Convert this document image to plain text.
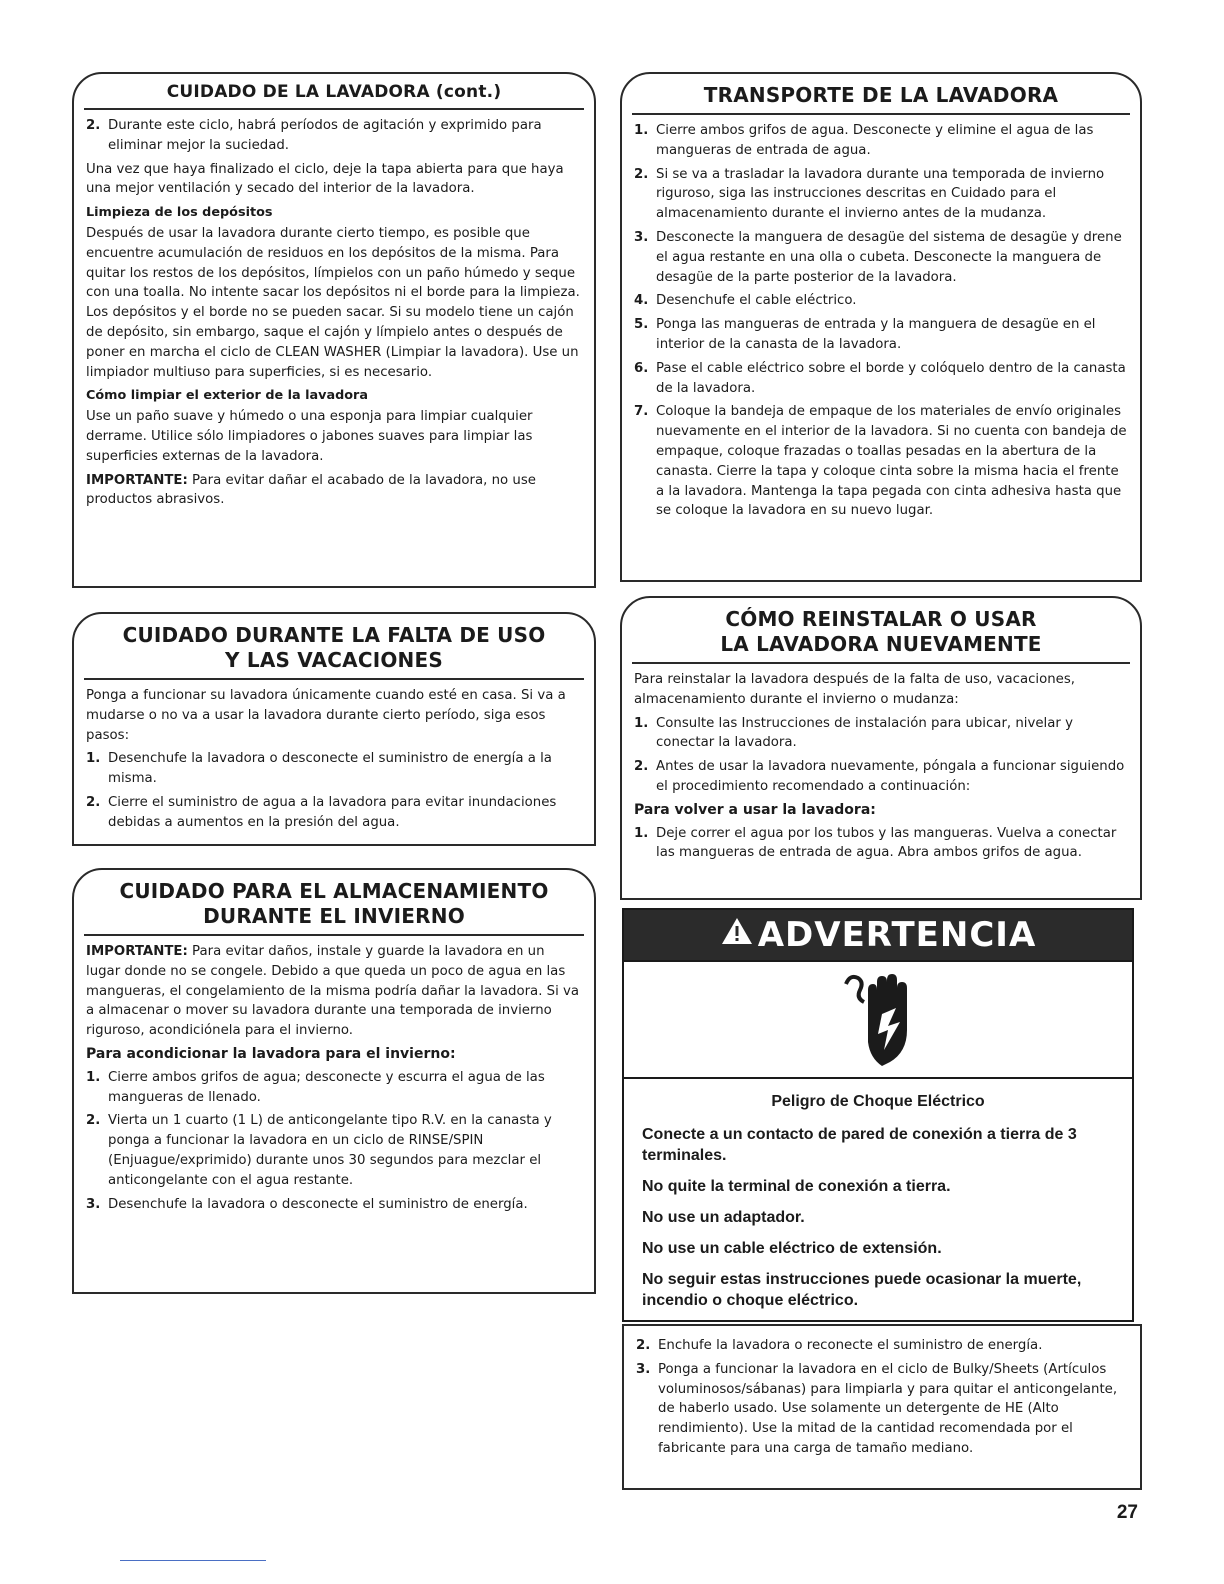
CUIDADO DE LA LAVADORA (cont.)
2. Durante este ciclo, habrá períodos de agitación y exprimido para eliminar mejor la suciedad.

Una vez que haya finalizado el ciclo, deje la tapa abierta para que haya una mejor ventilación y secado del interior de la lavadora.

Limpieza de los depósitos

Después de usar la lavadora durante cierto tiempo, es posible que encuentre acumulación de residuos en los depósitos de la misma. Para quitar los restos de los depósitos, límpielos con un paño húmedo y seque con una toalla. No intente sacar los depósitos ni el borde para la limpieza. Los depósitos y el borde no se pueden sacar. Si su modelo tiene un cajón de depósito, sin embargo, saque el cajón y límpielo antes o después de poner en marcha el ciclo de CLEAN WASHER (Limpiar la lavadora). Use un limpiador multiuso para superficies, si es necesario.

Cómo limpiar el exterior de la lavadora

Use un paño suave y húmedo o una esponja para limpiar cualquier derrame. Utilice sólo limpiadores o jabones suaves para limpiar las superficies externas de la lavadora.

IMPORTANTE: Para evitar dañar el acabado de la lavadora, no use productos abrasivos.

CUIDADO DURANTE LA FALTA DE USO
Y LAS VACACIONES

Ponga a funcionar su lavadora únicamente cuando esté en casa. Si va a mudarse o no va a usar la lavadora durante cierto período, siga esos pasos:

1. Desenchufe la lavadora o desconecte el suministro de energía a la misma.
2. Cierre el suministro de agua a la lavadora para evitar inundaciones debidas a aumentos en la presión del agua.
CUIDADO PARA EL ALMACENAMIENTO
DURANTE EL INVIERNO

IMPORTANTE: Para evitar daños, instale y guarde la lavadora en un lugar donde no se congele. Debido a que queda un poco de agua en las mangueras, el congelamiento de la misma podría dañar la lavadora. Si va a almacenar o mover su lavadora durante una temporada de invierno riguroso, acondiciónela para el invierno.

Para acondicionar la lavadora para el invierno:
1. Cierre ambos grifos de agua; desconecte y escurra el agua de las mangueras de llenado.
2. Vierta un 1 cuarto (1 L) de anticongelante tipo R.V. en la canasta y ponga a funcionar la lavadora en un ciclo de RINSE/SPIN (Enjuague/exprimido) durante unos 30 segundos para mezclar el anticongelante con el agua restante.
3. Desenchufe la lavadora o desconecte el suministro de energía.
TRANSPORTE DE LA LAVADORA
1. Cierre ambos grifos de agua. Desconecte y elimine el agua de las mangueras de entrada de agua.
2. Si se va a trasladar la lavadora durante una temporada de invierno riguroso, siga las instrucciones descritas en Cuidado para el almacenamiento durante el invierno antes de la mudanza.
3. Desconecte la manguera de desagüe del sistema de desagüe y drene el agua restante en una olla o cubeta. Desconecte la manguera de desagüe de la parte posterior de la lavadora.
4. Desenchufe el cable eléctrico.
5. Ponga las mangueras de entrada y la manguera de desagüe en el interior de la canasta de la lavadora.
6. Pase el cable eléctrico sobre el borde y colóquelo dentro de la canasta de la lavadora.
7. Coloque la bandeja de empaque de los materiales de envío originales nuevamente en el interior de la lavadora. Si no cuenta con bandeja de empaque, coloque frazadas o toallas pesadas en la abertura de la canasta. Cierre la tapa y coloque cinta sobre la misma hacia el frente a la lavadora. Mantenga la tapa pegada con cinta adhesiva hasta que se coloque la lavadora en su nuevo lugar.
CÓMO REINSTALAR O USAR
LA LAVADORA NUEVAMENTE

Para reinstalar la lavadora después de la falta de uso, vacaciones, almacenamiento durante el invierno o mudanza:

1. Consulte las Instrucciones de instalación para ubicar, nivelar y conectar la lavadora.
2. Antes de usar la lavadora nuevamente, póngala a funcionar siguiendo el procedimiento recomendado a continuación:
Para volver a usar la lavadora:
1. Deje correr el agua por los tubos y las mangueras. Vuelva a conectar las mangueras de entrada de agua. Abra ambos grifos de agua.
ADVERTENCIA
Peligro de Choque Eléctrico

Conecte a un contacto de pared de conexión a tierra de 3 terminales.

No quite la terminal de conexión a tierra.

No use un adaptador.

No use un cable eléctrico de extensión.

No seguir estas instrucciones puede ocasionar la muerte, incendio o choque eléctrico.

2. Enchufe la lavadora o reconecte el suministro de energía.
3. Ponga a funcionar la lavadora en el ciclo de Bulky/Sheets (Artículos voluminosos/sábanas) para limpiarla y para quitar el anticongelante, de haberlo usado. Use solamente un detergente de HE (Alto rendimiento). Use la mitad de la cantidad recomendada por el fabricante para una carga de tamaño mediano.
27
